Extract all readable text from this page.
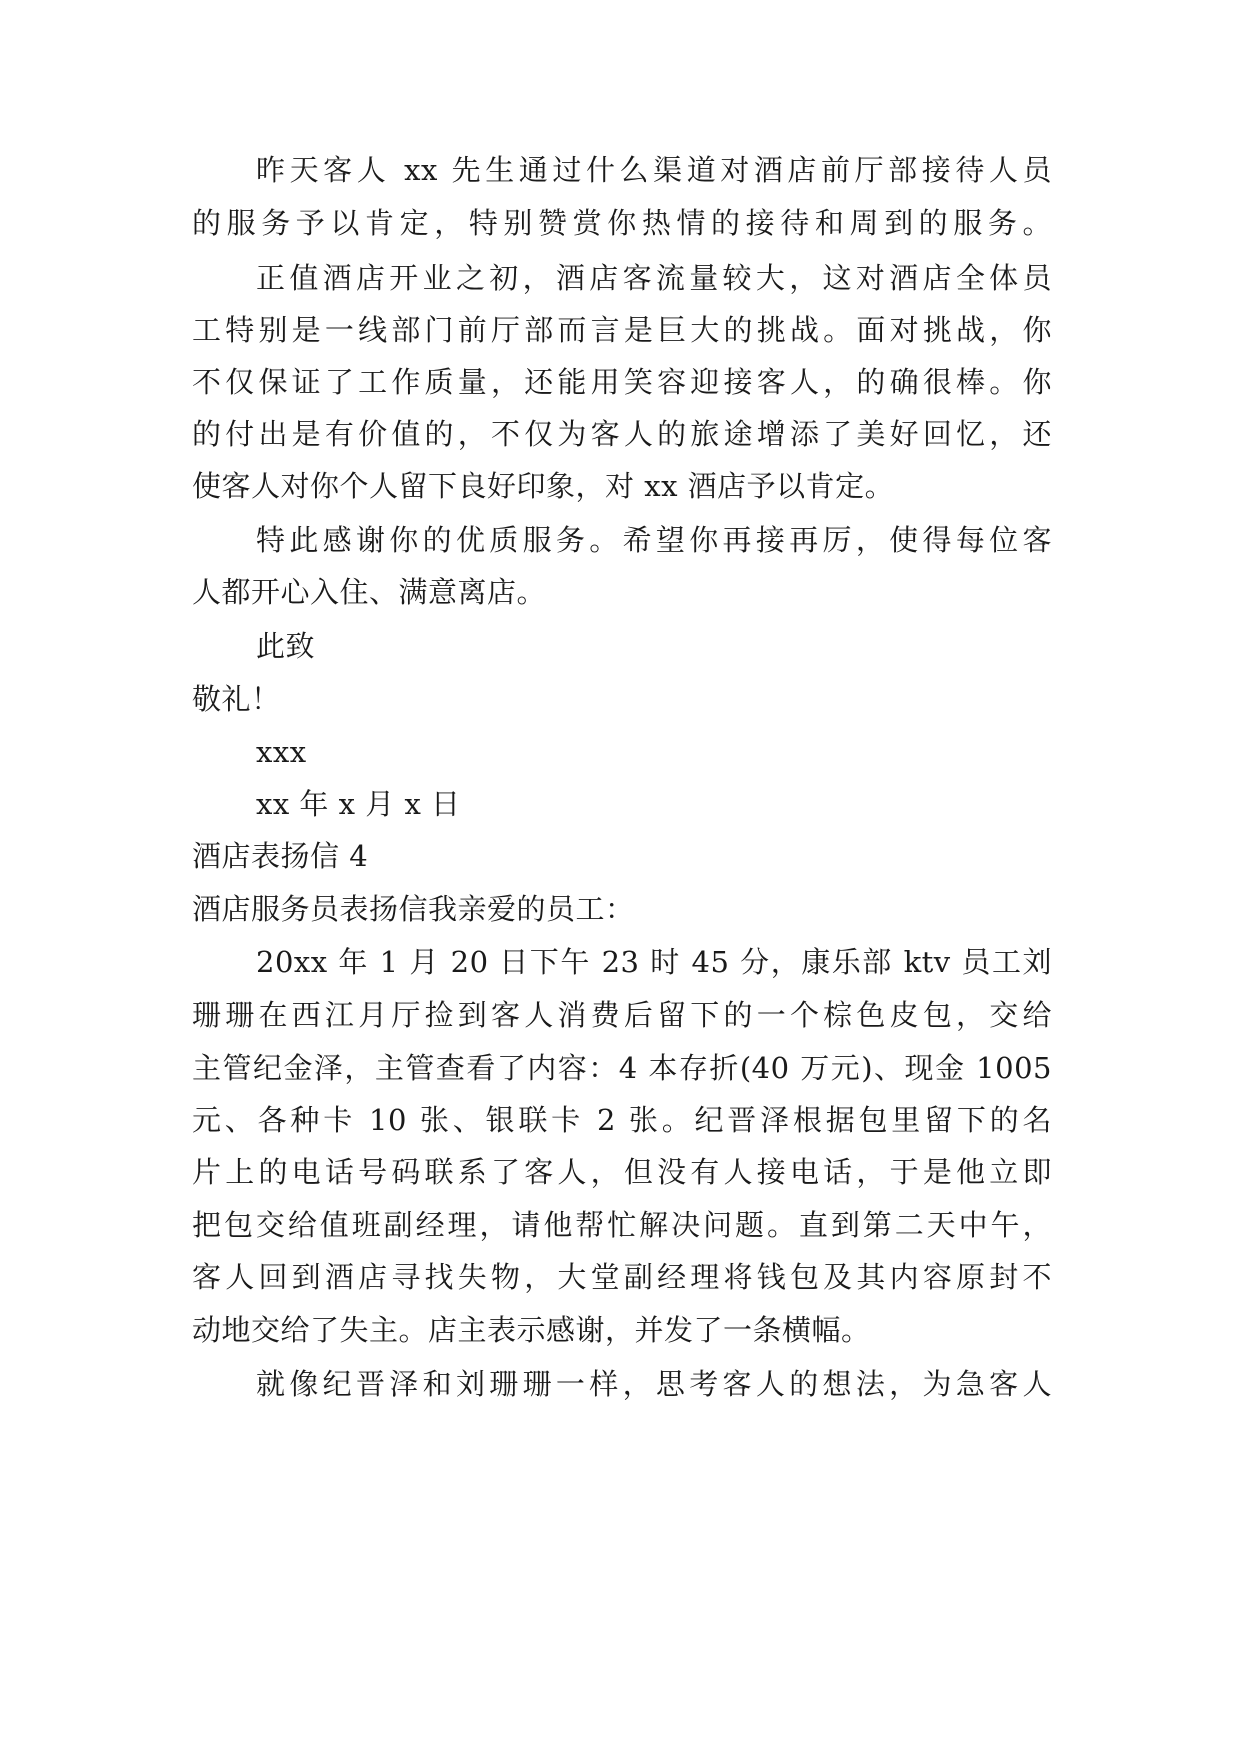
昨天客人 xx 先生通过什么渠道对酒店前厅部接待人员
的服务予以肯定，特别赞赏你热情的接待和周到的服务。
正值酒店开业之初，酒店客流量较大，这对酒店全体员
工特别是一线部门前厅部而言是巨大的挑战。面对挑战，你
不仅保证了工作质量，还能用笑容迎接客人，的确很棒。你
的付出是有价值的，不仅为客人的旅途增添了美好回忆，还
使客人对你个人留下良好印象，对 xx 酒店予以肯定。
特此感谢你的优质服务。希望你再接再厉，使得每位客
人都开心入住、满意离店。
此致
敬礼！
xxx
xx 年 x 月 x 日
酒店表扬信 4
酒店服务员表扬信我亲爱的员工：
20xx 年 1 月 20 日下午 23 时 45 分，康乐部 ktv 员工刘
珊珊在西江月厅捡到客人消费后留下的一个棕色皮包，交给
主管纪金泽，主管查看了内容：4 本存折(40 万元)、现金 1005
元、各种卡 10 张、银联卡 2 张。纪晋泽根据包里留下的名
片上的电话号码联系了客人，但没有人接电话，于是他立即
把包交给值班副经理，请他帮忙解决问题。直到第二天中午，
客人回到酒店寻找失物，大堂副经理将钱包及其内容原封不
动地交给了失主。店主表示感谢，并发了一条横幅。
就像纪晋泽和刘珊珊一样，思考客人的想法，为急客人
